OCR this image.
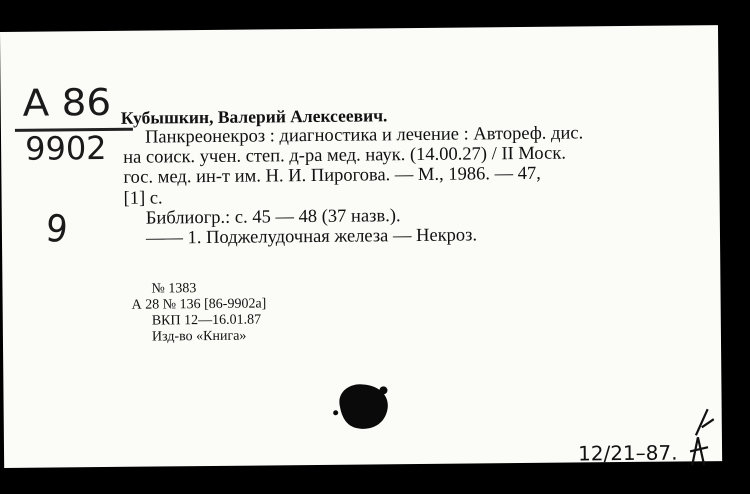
A 86
9902
9
Кубышкин, Валерий Алексеевич.
Панкреонекроз : диагностика и лечение : Автореф. дис.
на соиск. учен. степ. д-ра мед. наук. (14.00.27) / II Моск.
гос. мед. ин-т им. Н. И. Пирогова. — М., 1986. — 47,
[1] с.
Библиогр.: с. 45 — 48 (37 назв.).
—— 1. Поджелудочная железа — Некроз.
№ 1383
А 28 № 136 [86-9902а]
ВКП 12—16.01.87
Изд-во «Книга»
12/21–87.
